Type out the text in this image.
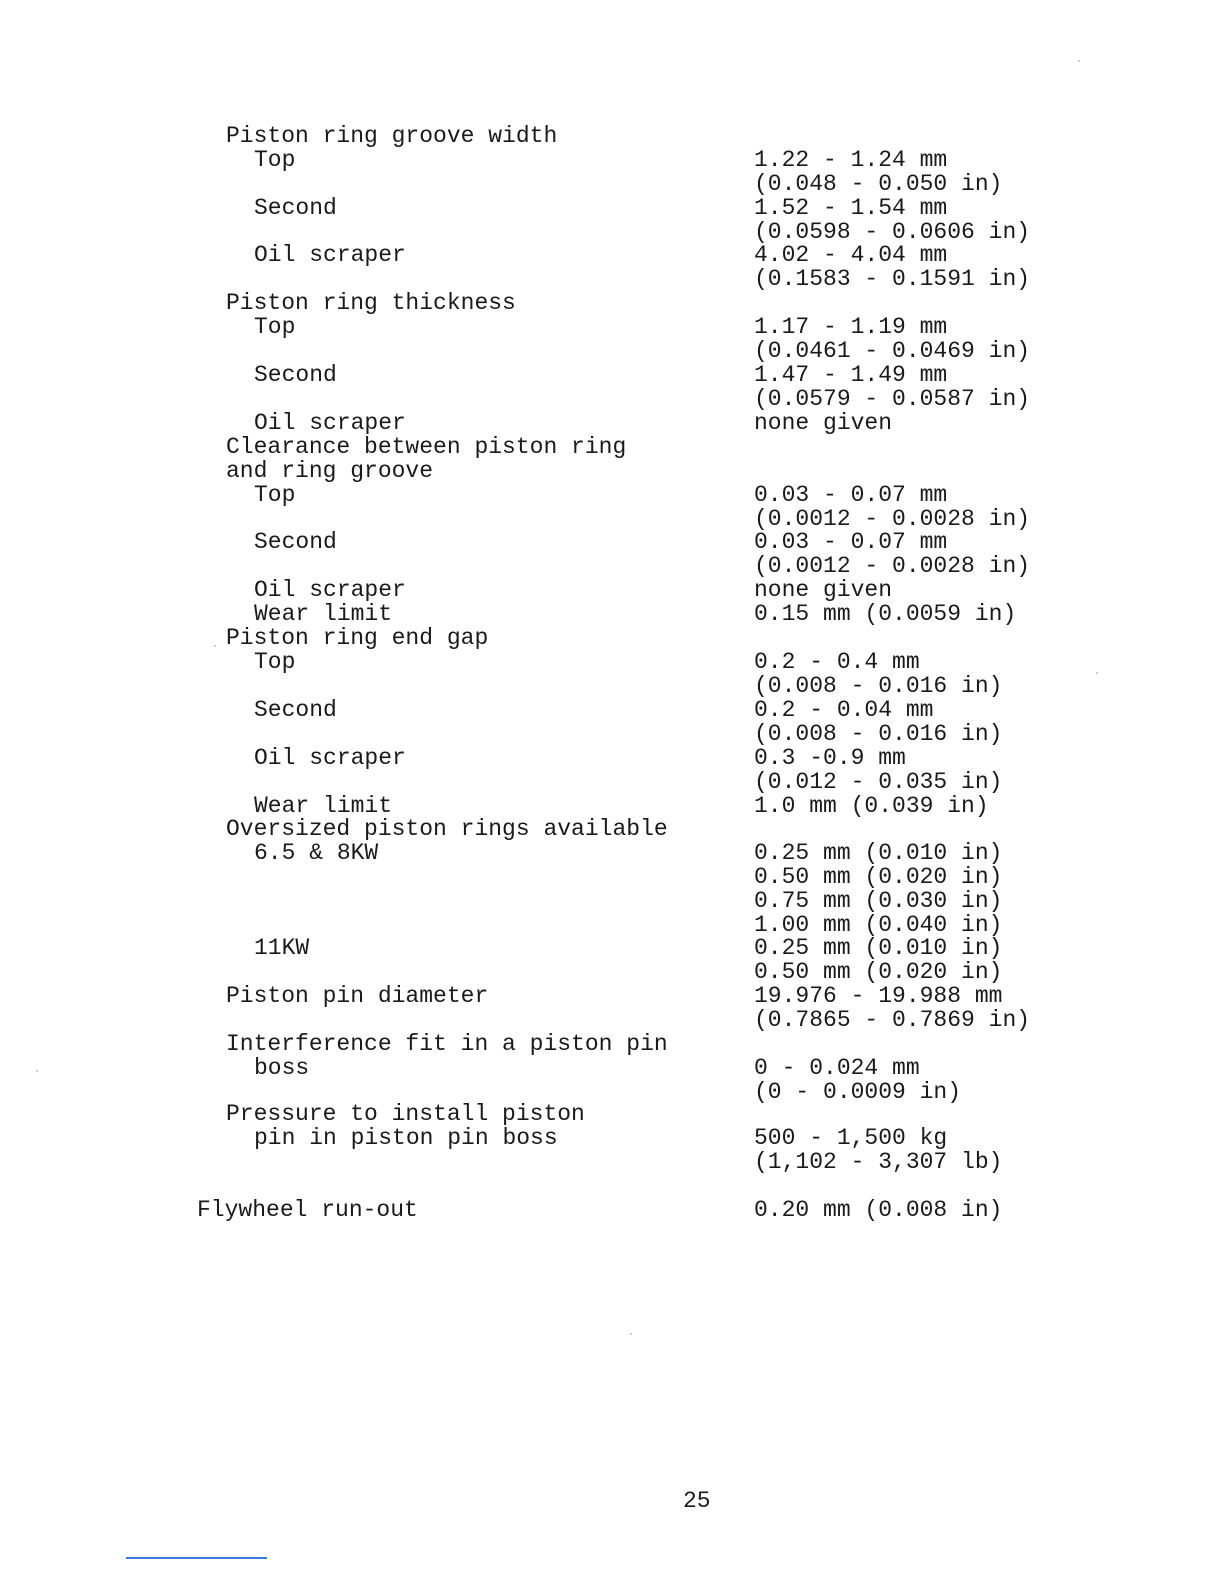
Piston ring groove width
Top	1.22 - 1.24 mm
(0.048 - 0.050 in)
Second	1.52 - 1.54 mm
(0.0598 - 0.0606 in)
Oil scraper	4.02 - 4.04 mm
(0.1583 - 0.1591 in)
Piston ring thickness
Top	1.17 - 1.19 mm
(0.0461 - 0.0469 in)
Second	1.47 - 1.49 mm
(0.0579 - 0.0587 in)
Oil scraper	none given
Clearance between piston ring
and ring groove
Top	0.03 - 0.07 mm
(0.0012 - 0.0028 in)
Second	0.03 - 0.07 mm
(0.0012 - 0.0028 in)
Oil scraper	none given
Wear limit	0.15 mm (0.0059 in)
Piston ring end gap
Top	0.2 - 0.4 mm
(0.008 - 0.016 in)
Second	0.2 - 0.04 mm
(0.008 - 0.016 in)
Oil scraper	0.3 -0.9 mm
(0.012 - 0.035 in)
Wear limit	1.0 mm (0.039 in)
Oversized piston rings available
6.5 & 8KW	0.25 mm (0.010 in)
0.50 mm (0.020 in)
0.75 mm (0.030 in)
1.00 mm (0.040 in)
11KW	0.25 mm (0.010 in)
0.50 mm (0.020 in)
Piston pin diameter	19.976 - 19.988 mm
(0.7865 - 0.7869 in)
Interference fit in a piston pin
boss	0 - 0.024 mm
(0 - 0.0009 in)
Pressure to install piston
pin in piston pin boss	500 - 1,500 kg
(1,102 - 3,307 lb)
Flywheel run-out	0.20 mm (0.008 in)
25
